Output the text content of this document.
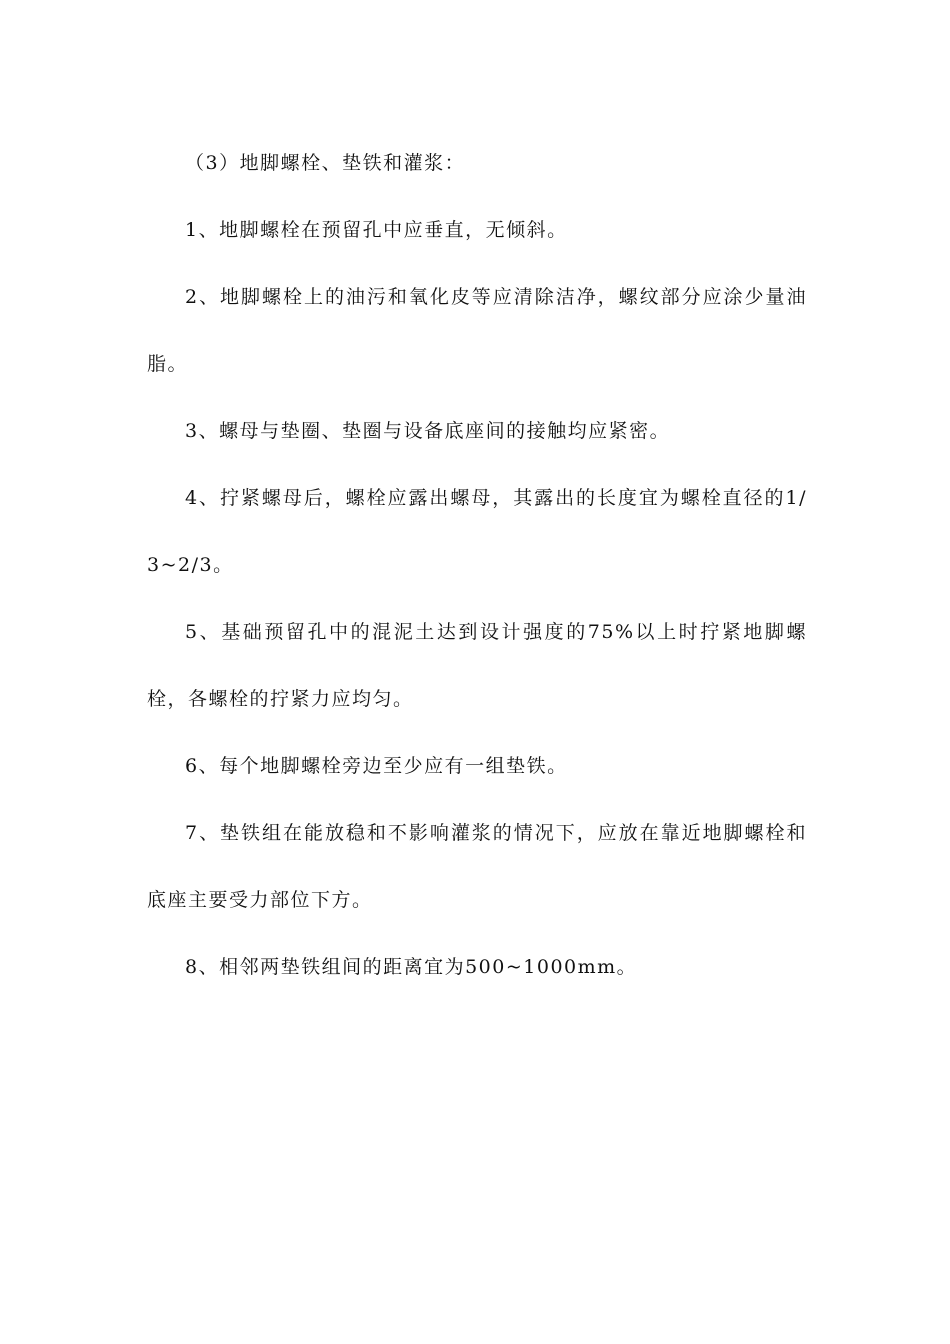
（3）地脚螺栓、垫铁和灌浆：

1、地脚螺栓在预留孔中应垂直，无倾斜。

2、地脚螺栓上的油污和氧化皮等应清除洁净，螺纹部分应涂少量油脂。

3、螺母与垫圈、垫圈与设备底座间的接触均应紧密。

4、拧紧螺母后，螺栓应露出螺母，其露出的长度宜为螺栓直径的1/3~2/3。

5、基础预留孔中的混泥土达到设计强度的75%以上时拧紧地脚螺栓，各螺栓的拧紧力应均匀。

6、每个地脚螺栓旁边至少应有一组垫铁。

7、垫铁组在能放稳和不影响灌浆的情况下，应放在靠近地脚螺栓和底座主要受力部位下方。

8、相邻两垫铁组间的距离宜为500~1000mm。
